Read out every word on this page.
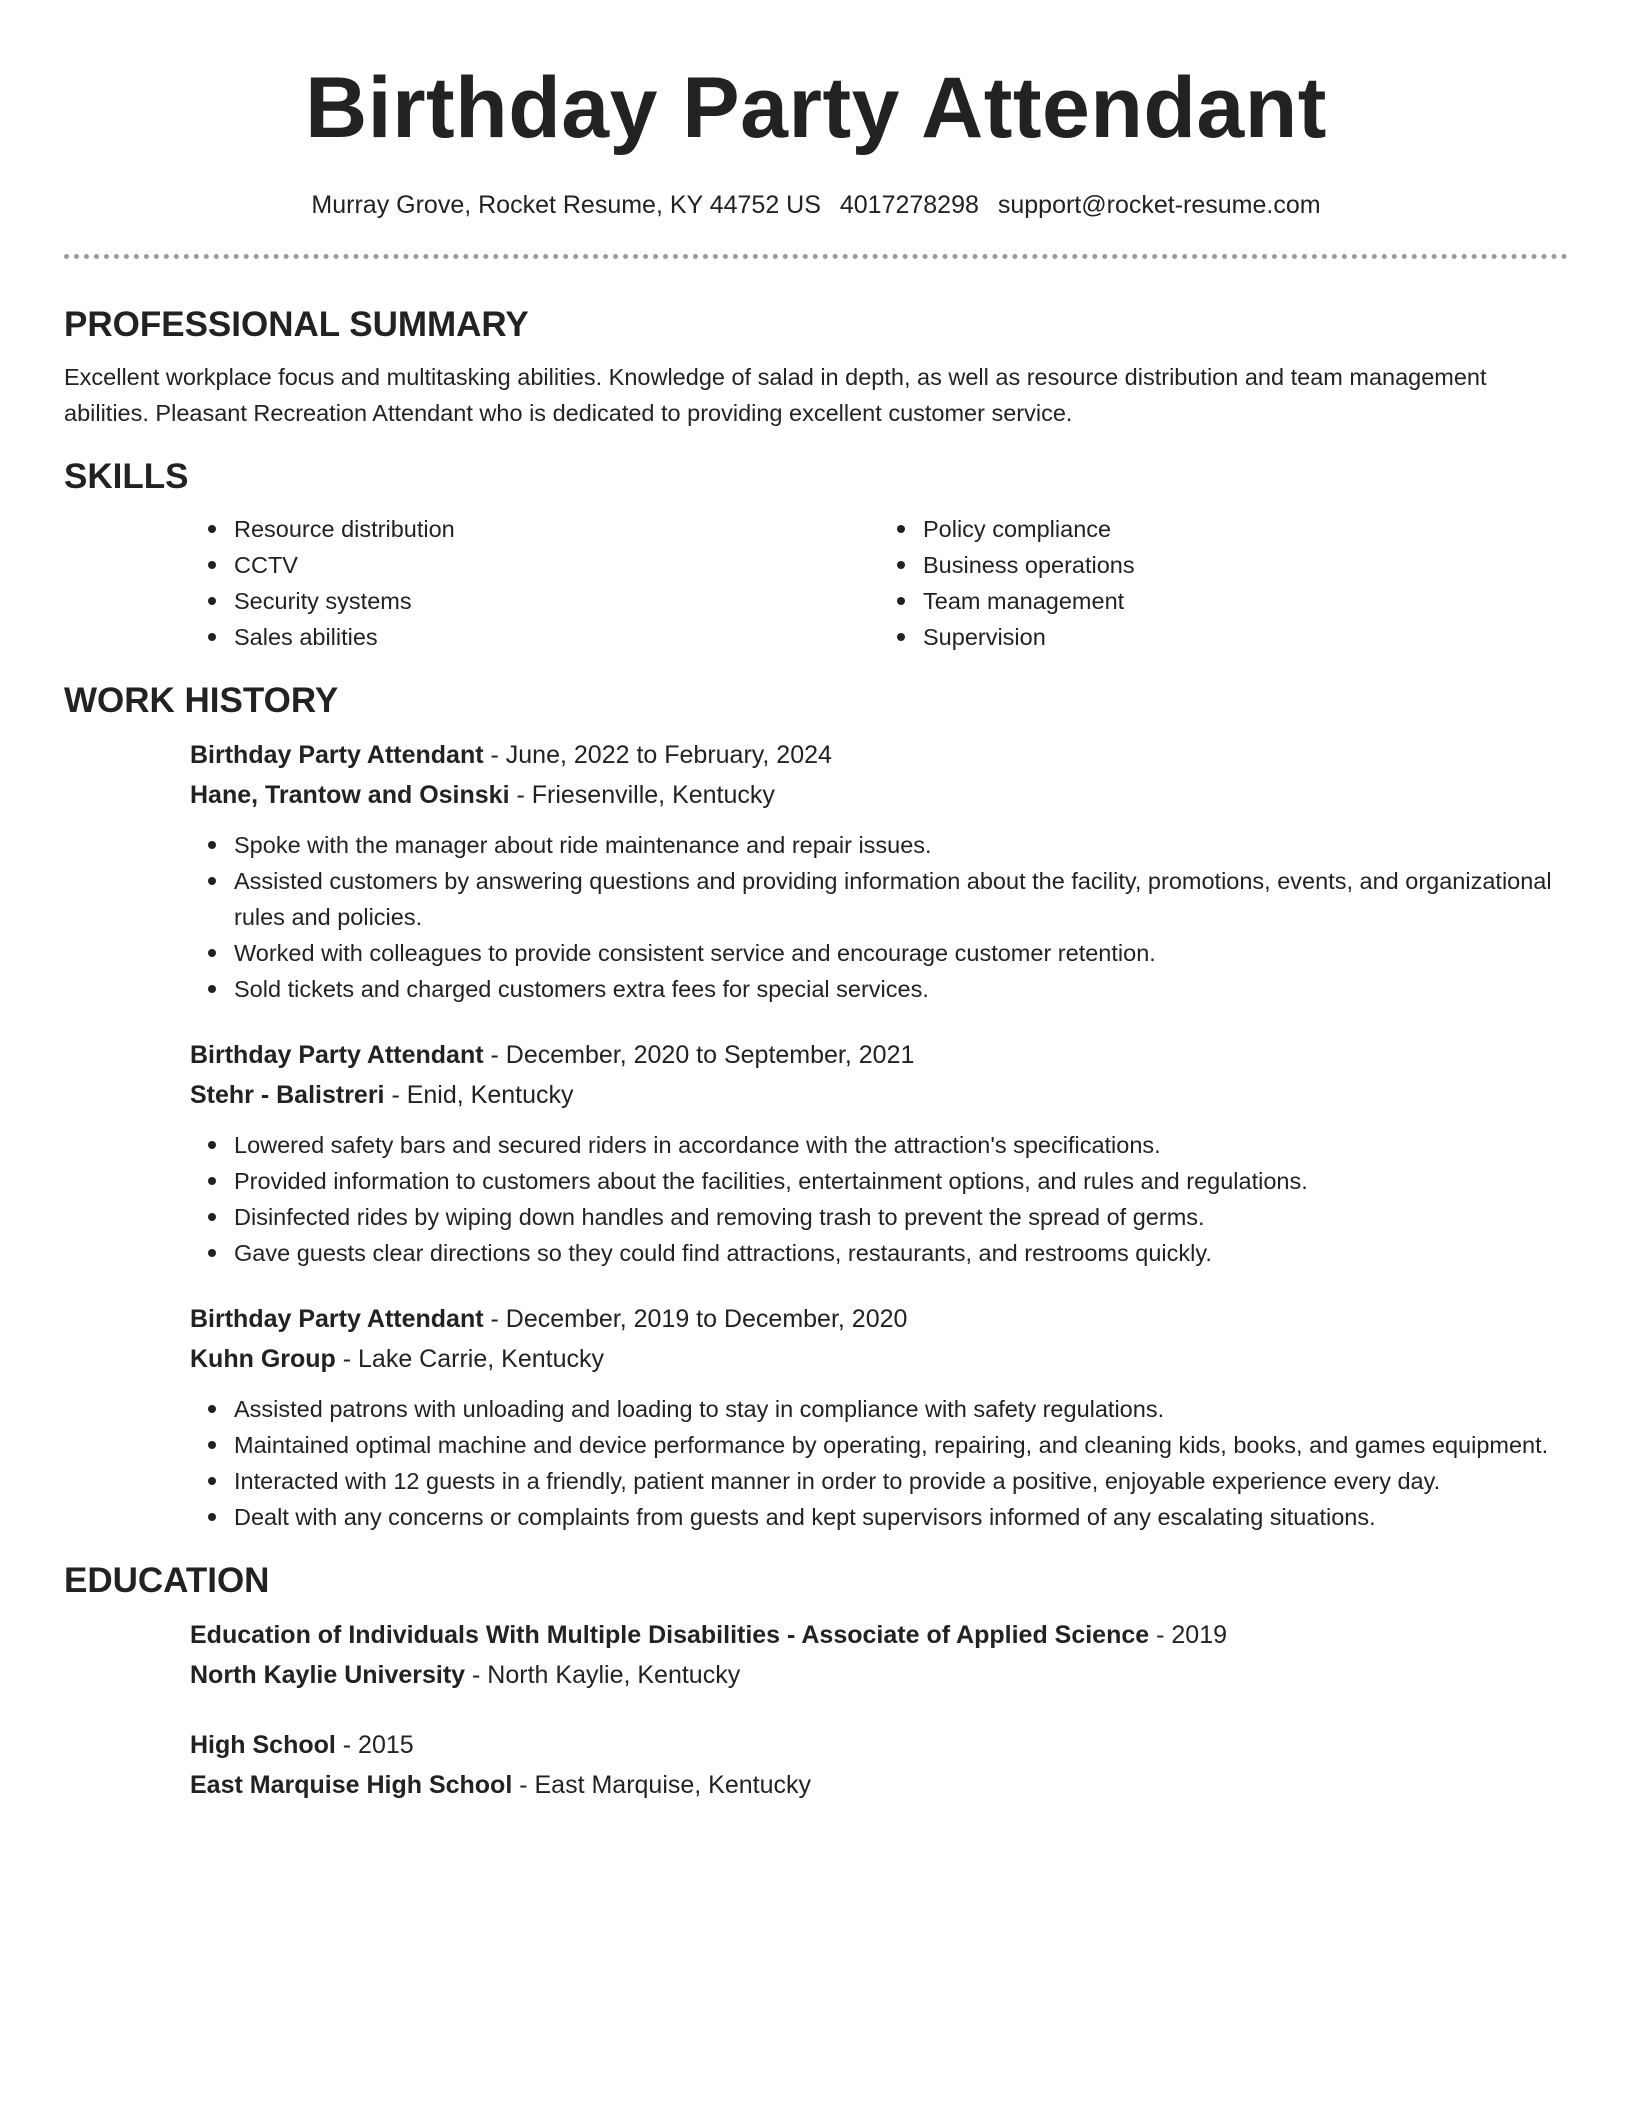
Birthday Party Attendant
Murray Grove, Rocket Resume, KY 44752 US 4017278298 support@rocket-resume.com
PROFESSIONAL SUMMARY

Excellent workplace focus and multitasking abilities. Knowledge of salad in depth, as well as resource distribution and team management abilities. Pleasant Recreation Attendant who is dedicated to providing excellent customer service.

SKILLS
Resource distribution
CCTV
Security systems
Sales abilities
Policy compliance
Business operations
Team management
Supervision
WORK HISTORY
Birthday Party Attendant - June, 2022 to February, 2024
Hane, Trantow and Osinski - Friesenville, Kentucky
Spoke with the manager about ride maintenance and repair issues.
Assisted customers by answering questions and providing information about the facility, promotions, events, and organizational rules and policies.
Worked with colleagues to provide consistent service and encourage customer retention.
Sold tickets and charged customers extra fees for special services.
Birthday Party Attendant - December, 2020 to September, 2021
Stehr - Balistreri - Enid, Kentucky
Lowered safety bars and secured riders in accordance with the attraction's specifications.
Provided information to customers about the facilities, entertainment options, and rules and regulations.
Disinfected rides by wiping down handles and removing trash to prevent the spread of germs.
Gave guests clear directions so they could find attractions, restaurants, and restrooms quickly.
Birthday Party Attendant - December, 2019 to December, 2020
Kuhn Group - Lake Carrie, Kentucky
Assisted patrons with unloading and loading to stay in compliance with safety regulations.
Maintained optimal machine and device performance by operating, repairing, and cleaning kids, books, and games equipment.
Interacted with 12 guests in a friendly, patient manner in order to provide a positive, enjoyable experience every day.
Dealt with any concerns or complaints from guests and kept supervisors informed of any escalating situations.
EDUCATION
Education of Individuals With Multiple Disabilities - Associate of Applied Science - 2019
North Kaylie University - North Kaylie, Kentucky
High School - 2015
East Marquise High School - East Marquise, Kentucky
